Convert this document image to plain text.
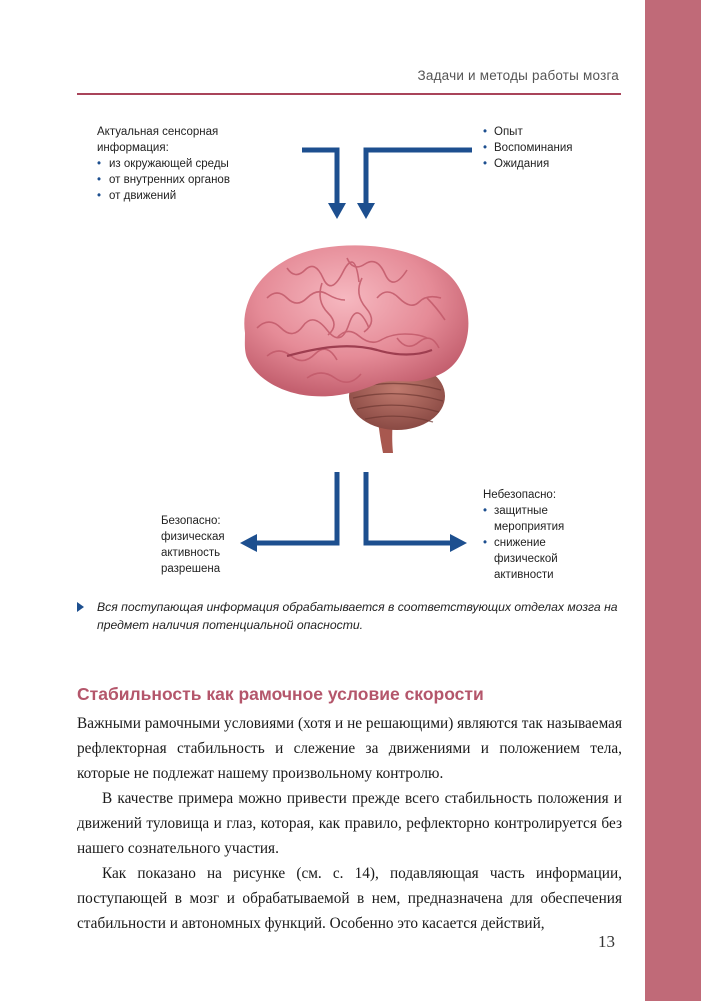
Задачи и методы работы мозга
Актуальная сенсорная
информация:
• из окружающей среды
• от внутренних органов
• от движений
• Опыт
• Воспоминания
• Ожидания
Безопасно:
физическая
активность
разрешена
Небезопасно:
• защитные
мероприятия
• снижение
физической
активности

Вся поступающая информация обрабатывается в соответствующих отделах мозга на предмет наличия потенциальной опасности.

Стабильность как рамочное условие скорости

Важными рамочными условиями (хотя и не решающими) являются так называемая рефлекторная стабильность и слежение за движениями и положением тела, которые не подлежат нашему произвольному контролю.

В качестве примера можно привести прежде всего стабильность положения и движений туловища и глаз, которая, как правило, рефлекторно контролируется без нашего сознательного участия.

Как показано на рисунке (см. с. 14), подавляющая часть информации, поступающей в мозг и обрабатываемой в нем, предназначена для обеспечения стабильности и автономных функций. Особенно это касается действий,

13
